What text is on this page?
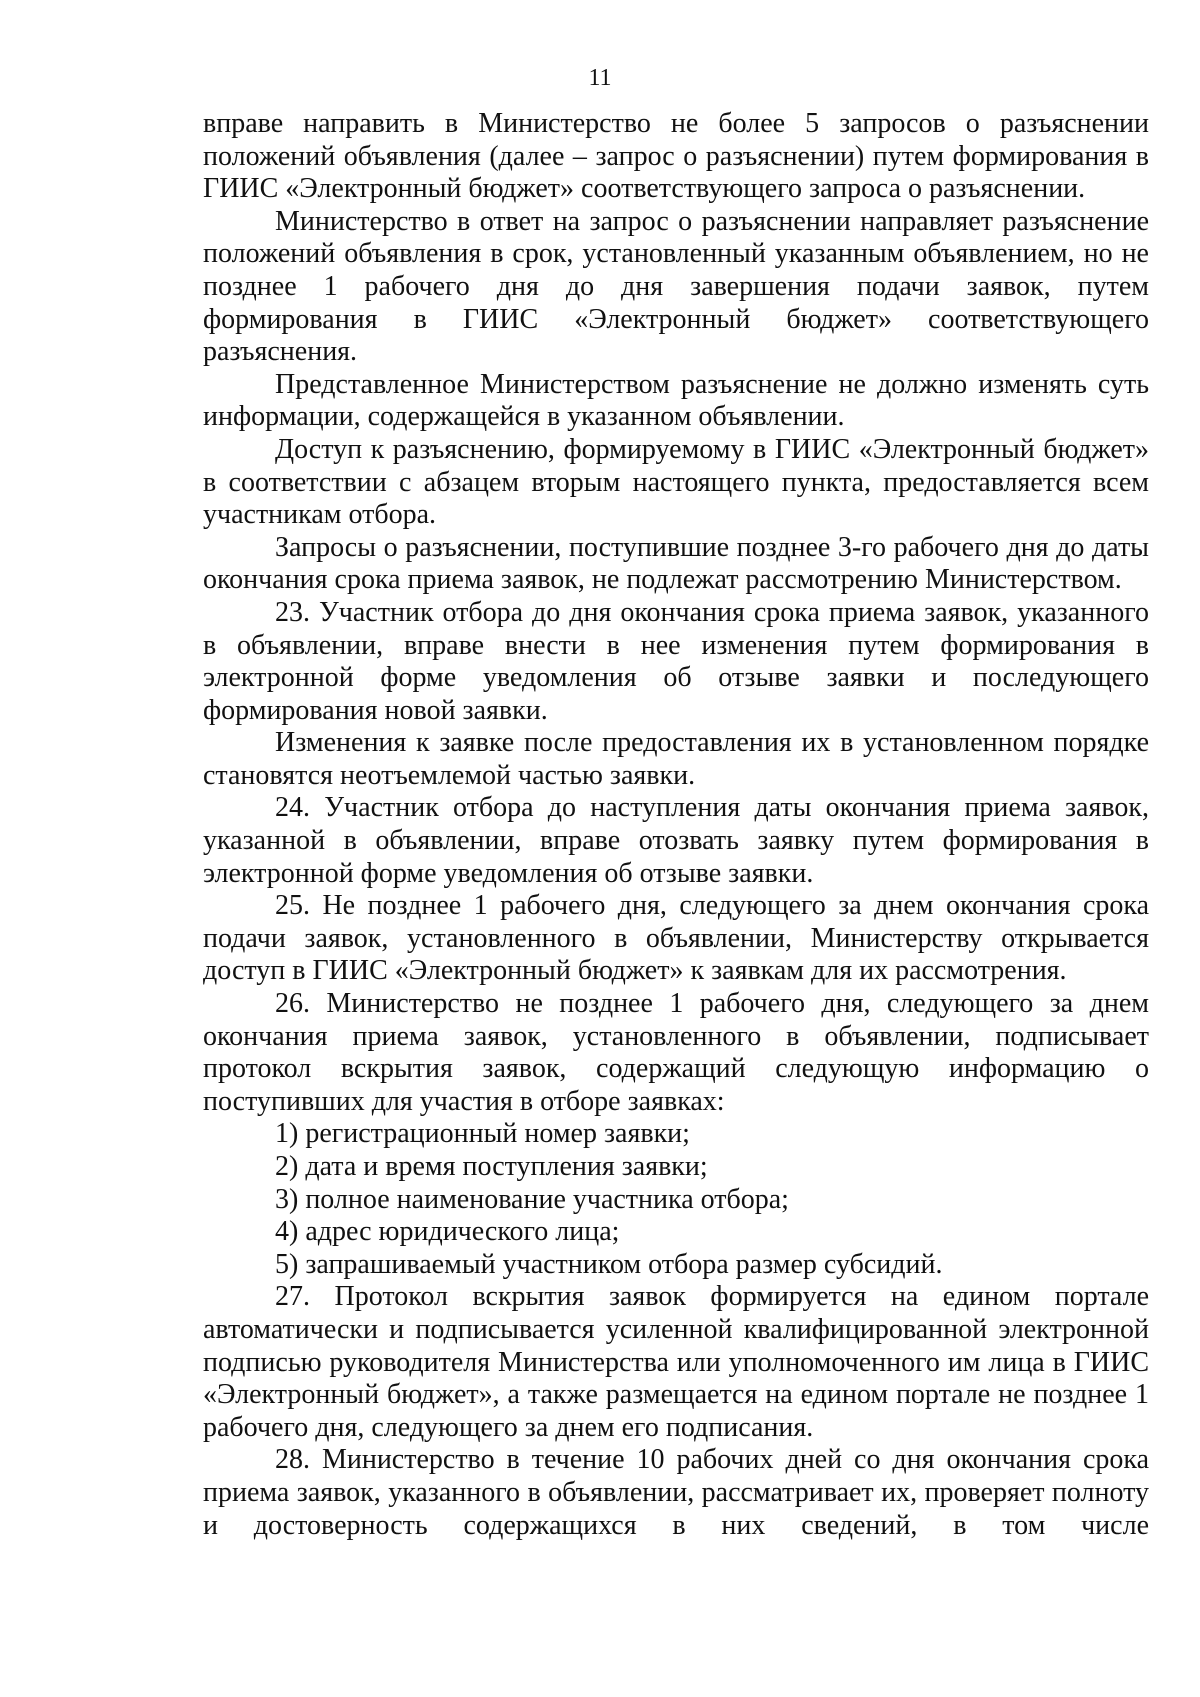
11

вправе направить в Министерство не более 5 запросов о разъяснении положений объявления (далее – запрос о разъяснении) путем формирования в ГИИС «Электронный бюджет» соответствующего запроса о разъяснении.

Министерство в ответ на запрос о разъяснении направляет разъяснение положений объявления в срок, установленный указанным объявлением, но не позднее 1 рабочего дня до дня завершения подачи заявок, путем формирования в ГИИС «Электронный бюджет» соответствующего разъяснения.

Представленное Министерством разъяснение не должно изменять суть информации, содержащейся в указанном объявлении.

Доступ к разъяснению, формируемому в ГИИС «Электронный бюджет» в соответствии с абзацем вторым настоящего пункта, предоставляется всем участникам отбора.

Запросы о разъяснении, поступившие позднее 3-го рабочего дня до даты окончания срока приема заявок, не подлежат рассмотрению Министерством.

23. Участник отбора до дня окончания срока приема заявок, указанного в объявлении, вправе внести в нее изменения путем формирования в электронной форме уведомления об отзыве заявки и последующего формирования новой заявки.

Изменения к заявке после предоставления их в установленном порядке становятся неотъемлемой частью заявки.

24. Участник отбора до наступления даты окончания приема заявок, указанной в объявлении, вправе отозвать заявку путем формирования в электронной форме уведомления об отзыве заявки.

25. Не позднее 1 рабочего дня, следующего за днем окончания срока подачи заявок, установленного в объявлении, Министерству открывается доступ в ГИИС «Электронный бюджет» к заявкам для их рассмотрения.

26. Министерство не позднее 1 рабочего дня, следующего за днем окончания приема заявок, установленного в объявлении, подписывает протокол вскрытия заявок, содержащий следующую информацию о поступивших для участия в отборе заявках:

1) регистрационный номер заявки;

2) дата и время поступления заявки;

3) полное наименование участника отбора;

4) адрес юридического лица;

5) запрашиваемый участником отбора размер субсидий.

27. Протокол вскрытия заявок формируется на едином портале автоматически и подписывается усиленной квалифицированной электронной подписью руководителя Министерства или уполномоченного им лица в ГИИС «Электронный бюджет», а также размещается на едином портале не позднее 1 рабочего дня, следующего за днем его подписания.

28. Министерство в течение 10 рабочих дней со дня окончания срока приема заявок, указанного в объявлении, рассматривает их, проверяет полноту и достоверность содержащихся в них сведений, в том числе
